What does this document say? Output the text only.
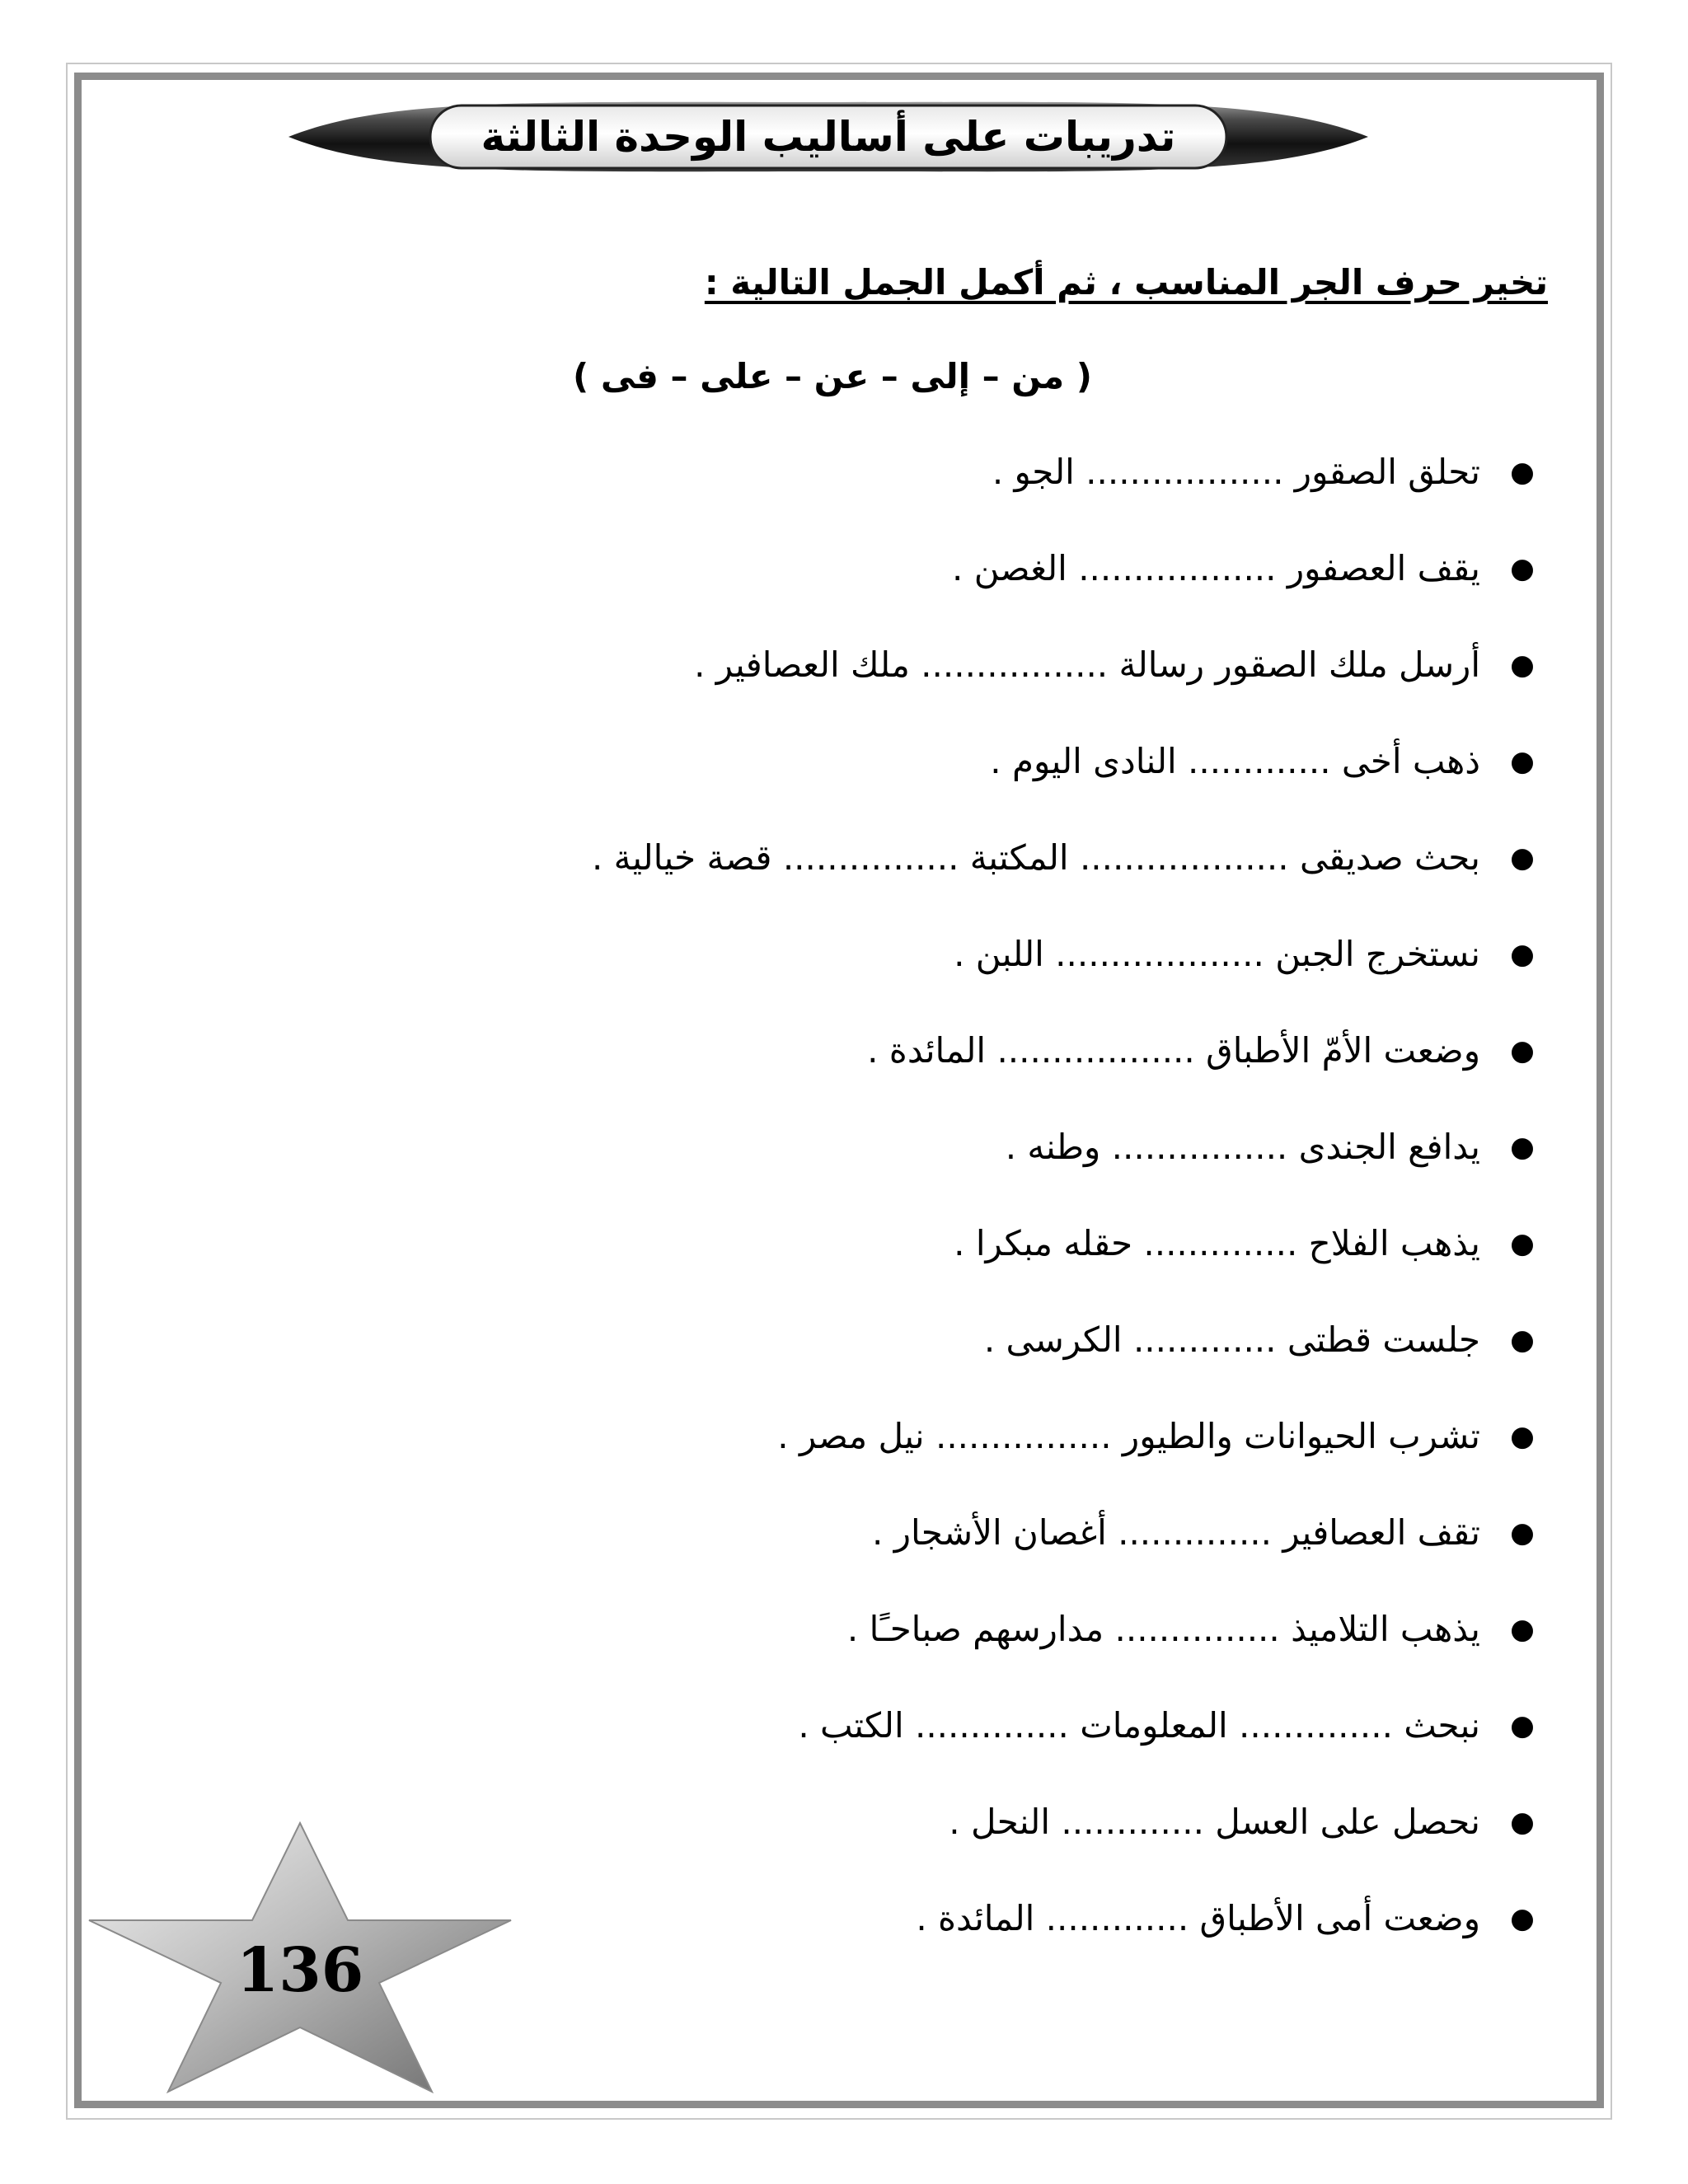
تدريبات على أساليب الوحدة الثالثة
تخير حرف الجر المناسب ، ثم أكمل الجمل التالية :
( من – إلى – عن – على – فى )
●
تحلق الصقور .................. الجو .
●
يقف العصفور .................. الغصن .
●
أرسل ملك الصقور رسالة ................. ملك العصافير .
●
ذهب أخى ............. النادى اليوم .
●
بحث صديقى ................... المكتبة ................ قصة خيالية .
●
نستخرج الجبن ................... اللبن .
●
وضعت الأمّ الأطباق .................. المائدة .
●
يدافع الجندى ................ وطنه .
●
يذهب الفلاح .............. حقله مبكرا .
●
جلست قطتى ............. الكرسى .
●
تشرب الحيوانات والطيور ................ نيل مصر .
●
تقف العصافير .............. أغصان الأشجار .
●
يذهب التلاميذ ............... مدارسهم صباحـًا .
●
نبحث .............. المعلومات .............. الكتب .
●
نحصل على العسل ............. النحل .
●
وضعت أمى الأطباق ............. المائدة .
136
